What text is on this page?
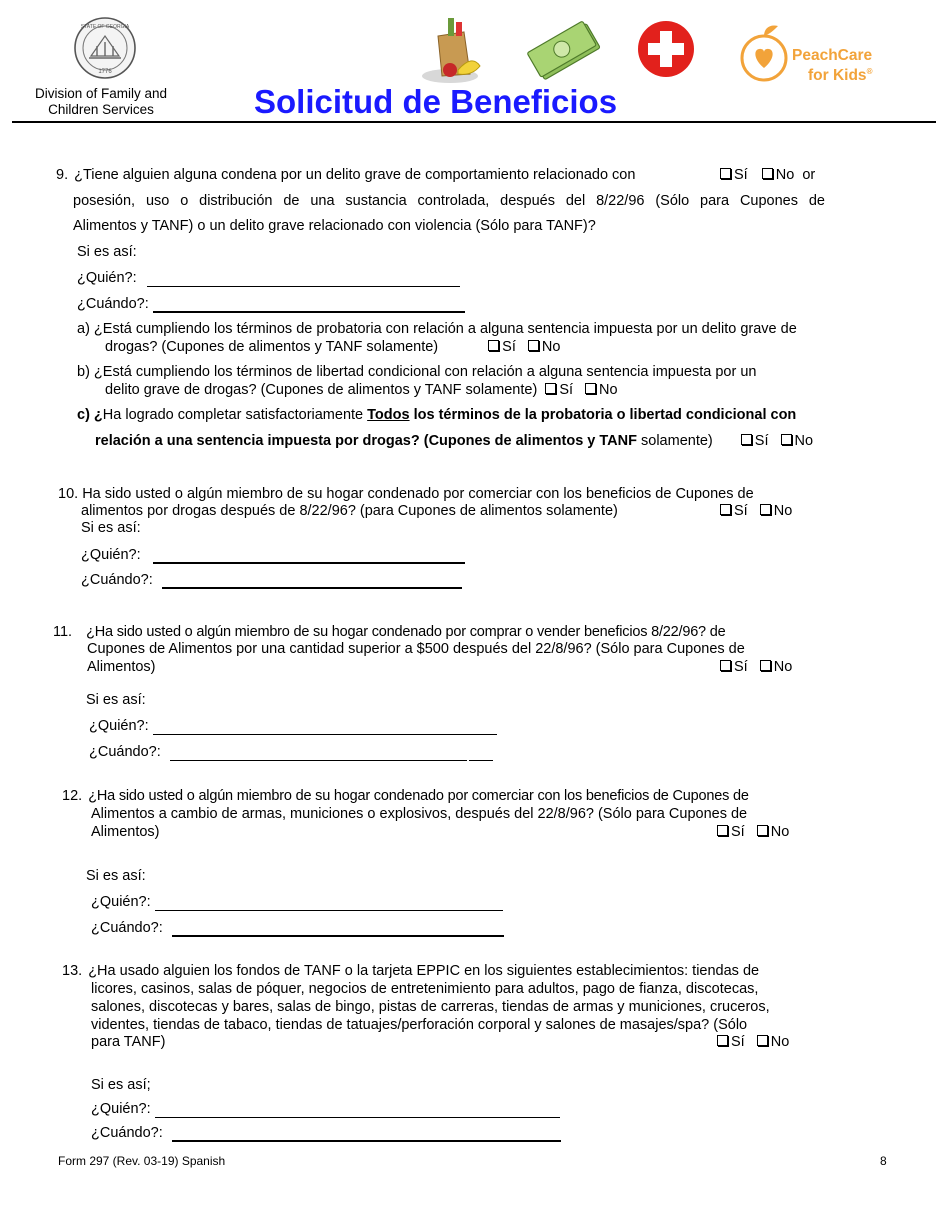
STATE OF GEORGIA
1776
Division of Family and
Children Services	Solicitud de Beneficios
PeachCare
for Kids®
9. ¿Tiene alguien alguna condena por un delito grave de comportamiento relacionado con	Sí No or
posesión, uso o distribución de una sustancia controlada, después del 8/22/96 (Sólo para Cupones de
Alimentos y TANF) o un delito grave relacionado con violencia (Sólo para TANF)?
Si es así:
¿Quién?:
¿Cuándo?:
a) ¿Está cumpliendo los términos de probatoria con relación a alguna sentencia impuesta por un delito grave de
drogas? (Cupones de alimentos y TANF solamente)	Sí No
b) ¿Está cumpliendo los términos de libertad condicional con relación a alguna sentencia impuesta por un
delito grave de drogas? (Cupones de alimentos y TANF solamente) Sí No
c) ¿Ha logrado completar satisfactoriamente Todos los términos de la probatoria o libertad condicional con
relación a una sentencia impuesta por drogas? (Cupones de alimentos y TANF solamente)	Sí No
10. Ha sido usted o algún miembro de su hogar condenado por comerciar con los beneficios de Cupones de
alimentos por drogas después de 8/22/96? (para Cupones de alimentos solamente)	Sí No
Si es así:
¿Quién?:
¿Cuándo?:
11. ¿Ha sido usted o algún miembro de su hogar condenado por comprar o vender beneficios 8/22/96? de
Cupones de Alimentos por una cantidad superior a $500 después del 22/8/96? (Sólo para Cupones de
Alimentos)	Sí No
Si es así:
¿Quién?:
¿Cuándo?:
12. ¿Ha sido usted o algún miembro de su hogar condenado por comerciar con los beneficios de Cupones de
Alimentos a cambio de armas, municiones o explosivos, después del 22/8/96? (Sólo para Cupones de
Alimentos)	Sí No
Si es así:
¿Quién?:
¿Cuándo?:
13. ¿Ha usado alguien los fondos de TANF o la tarjeta EPPIC en los siguientes establecimientos: tiendas de
licores, casinos, salas de póquer, negocios de entretenimiento para adultos, pago de fianza, discotecas,
salones, discotecas y bares, salas de bingo, pistas de carreras, tiendas de armas y municiones, cruceros,
videntes, tiendas de tabaco, tiendas de tatuajes/perforación corporal y salones de masajes/spa? (Sólo
para TANF)	Sí No
Si es así;
¿Quién?:
¿Cuándo?:
Form 297 (Rev. 03-19) Spanish	8
